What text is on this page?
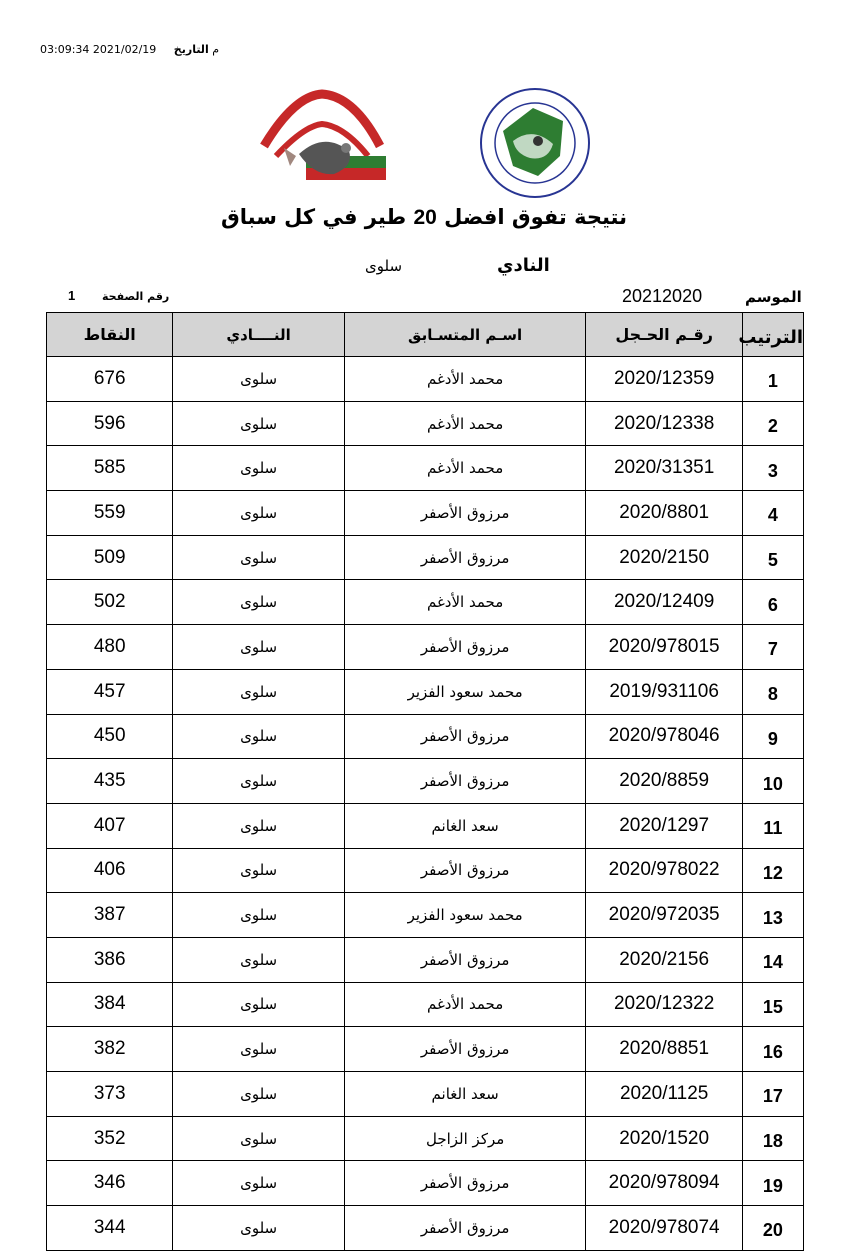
03:09:34 2021/02/19 م التاريخ
نتيجة تفوق افضل 20 طير في كل سباق
النادي
سلوى
الموسم
20212020
رقم الصفحة
1
الترتيب	رقـم الحـجل	اسـم المتسـابق	النــــادي	النقاط
1	2020/12359	محمد الأدغم	سلوى	676
2	2020/12338	محمد الأدغم	سلوى	596
3	2020/31351	محمد الأدغم	سلوى	585
4	2020/8801	مرزوق الأصفر	سلوى	559
5	2020/2150	مرزوق الأصفر	سلوى	509
6	2020/12409	محمد الأدغم	سلوى	502
7	2020/978015	مرزوق الأصفر	سلوى	480
8	2019/931106	محمد سعود الفزير	سلوى	457
9	2020/978046	مرزوق الأصفر	سلوى	450
10	2020/8859	مرزوق الأصفر	سلوى	435
11	2020/1297	سعد الغانم	سلوى	407
12	2020/978022	مرزوق الأصفر	سلوى	406
13	2020/972035	محمد سعود الفزير	سلوى	387
14	2020/2156	مرزوق الأصفر	سلوى	386
15	2020/12322	محمد الأدغم	سلوى	384
16	2020/8851	مرزوق الأصفر	سلوى	382
17	2020/1125	سعد الغانم	سلوى	373
18	2020/1520	مركز الزاجل	سلوى	352
19	2020/978094	مرزوق الأصفر	سلوى	346
20	2020/978074	مرزوق الأصفر	سلوى	344
